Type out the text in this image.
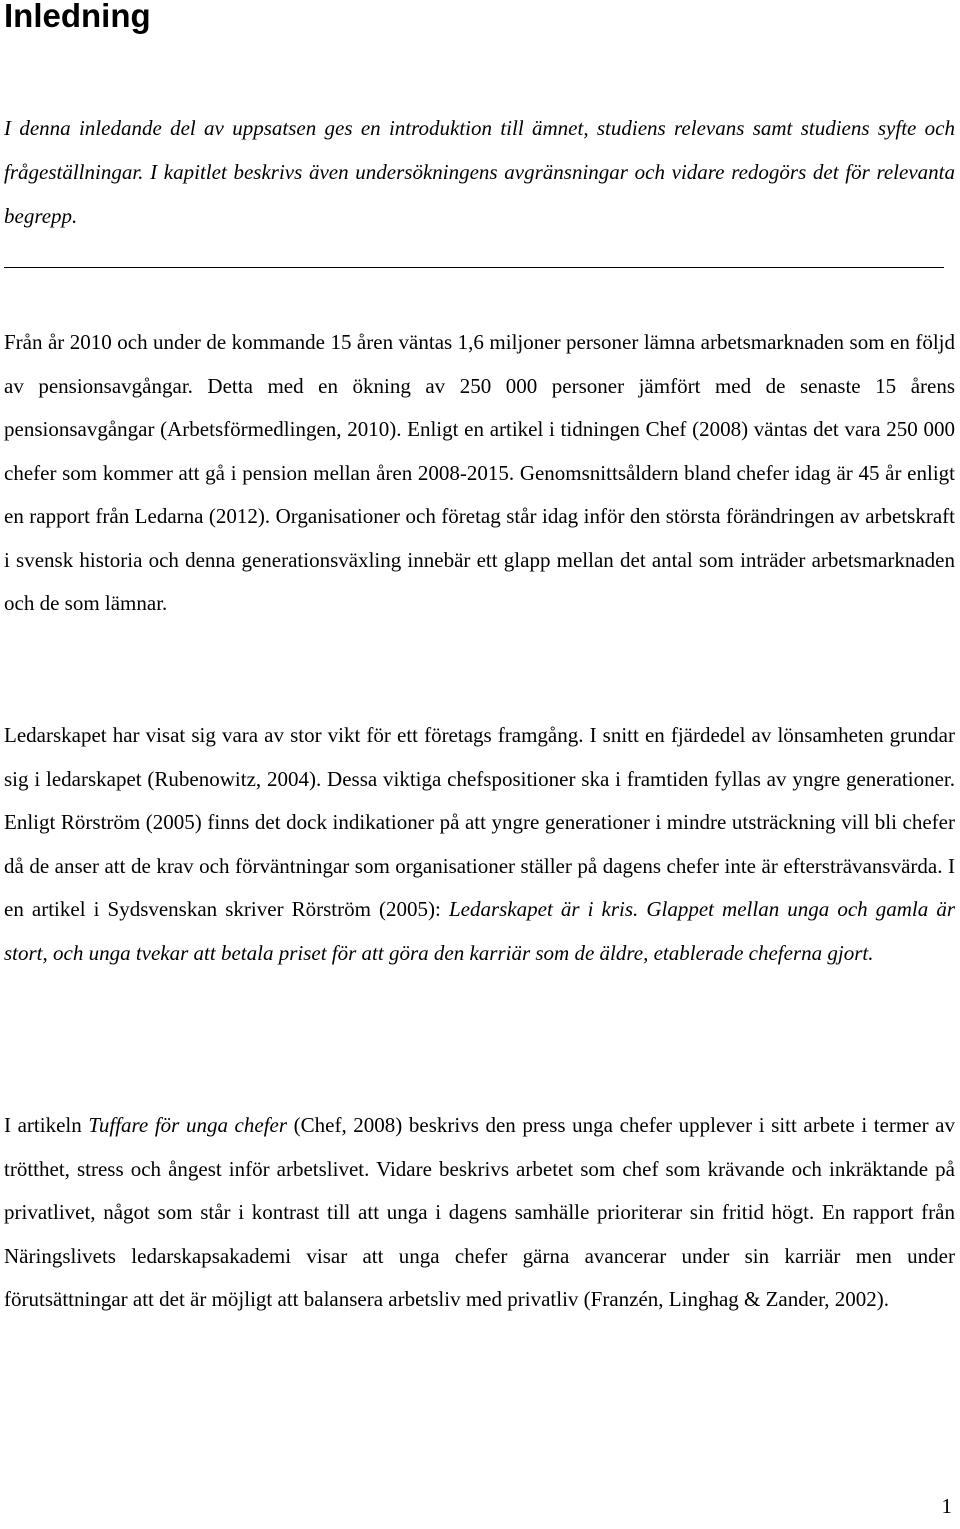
Inledning

I denna inledande del av uppsatsen ges en introduktion till ämnet, studiens relevans samt studiens syfte och frågeställningar. I kapitlet beskrivs även undersökningens avgränsningar och vidare redogörs det för relevanta begrepp.

Från år 2010 och under de kommande 15 åren väntas 1,6 miljoner personer lämna arbetsmarknaden som en följd av pensionsavgångar. Detta med en ökning av 250 000 personer jämfört med de senaste 15 årens pensionsavgångar (Arbetsförmedlingen, 2010). Enligt en artikel i tidningen Chef (2008) väntas det vara 250 000 chefer som kommer att gå i pension mellan åren 2008-2015. Genomsnittsåldern bland chefer idag är 45 år enligt en rapport från Ledarna (2012). Organisationer och företag står idag inför den största förändringen av arbetskraft i svensk historia och denna generationsväxling innebär ett glapp mellan det antal som inträder arbetsmarknaden och de som lämnar.

Ledarskapet har visat sig vara av stor vikt för ett företags framgång. I snitt en fjärdedel av lönsamheten grundar sig i ledarskapet (Rubenowitz, 2004). Dessa viktiga chefspositioner ska i framtiden fyllas av yngre generationer. Enligt Rörström (2005) finns det dock indikationer på att yngre generationer i mindre utsträckning vill bli chefer då de anser att de krav och förväntningar som organisationer ställer på dagens chefer inte är eftersträvansvärda. I en artikel i Sydsvenskan skriver Rörström (2005): Ledarskapet är i kris. Glappet mellan unga och gamla är stort, och unga tvekar att betala priset för att göra den karriär som de äldre, etablerade cheferna gjort.

I artikeln Tuffare för unga chefer (Chef, 2008) beskrivs den press unga chefer upplever i sitt arbete i termer av trötthet, stress och ångest inför arbetslivet. Vidare beskrivs arbetet som chef som krävande och inkräktande på privatlivet, något som står i kontrast till att unga i dagens samhälle prioriterar sin fritid högt. En rapport från Näringslivets ledarskapsakademi visar att unga chefer gärna avancerar under sin karriär men under förutsättningar att det är möjligt att balansera arbetsliv med privatliv (Franzén, Linghag & Zander, 2002).

1
